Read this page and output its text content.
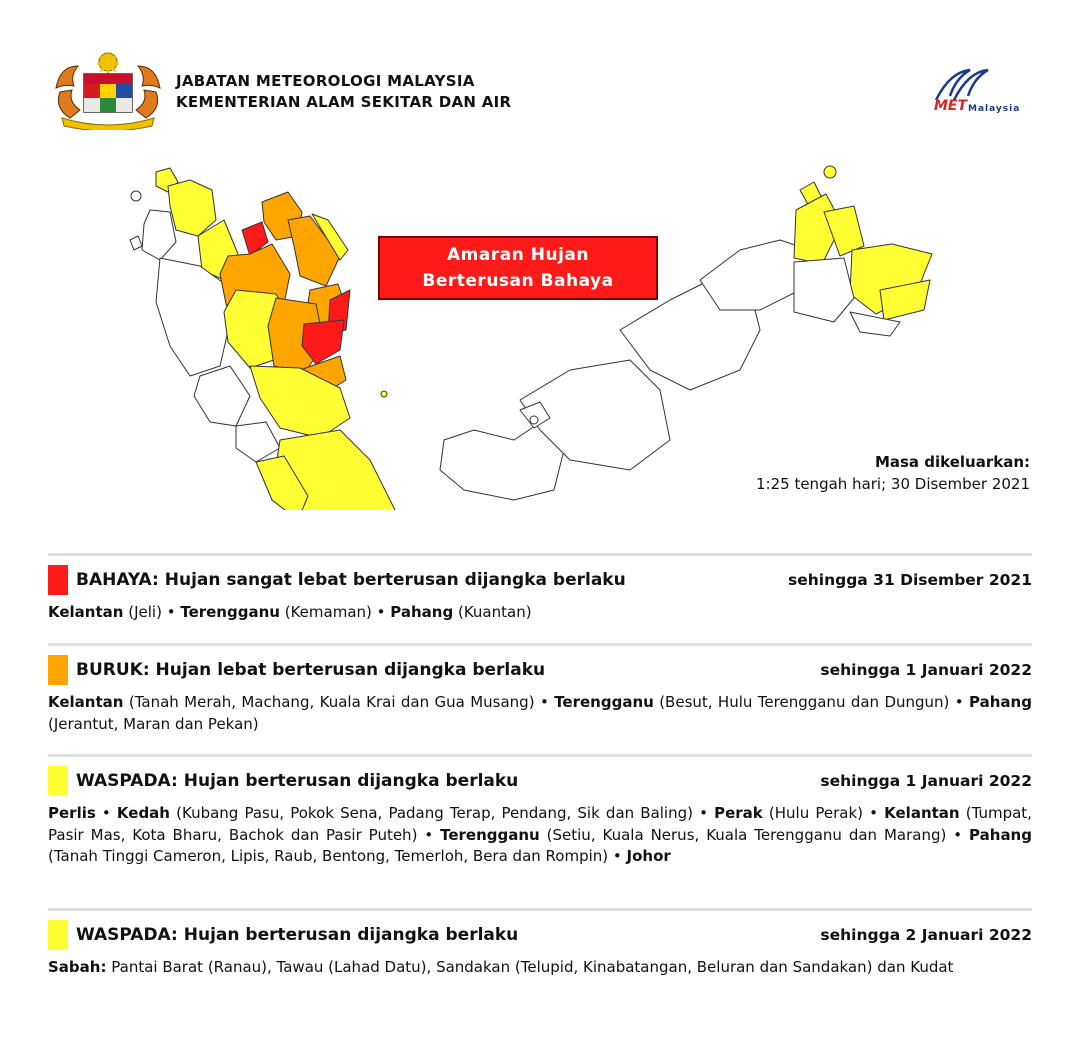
JABATAN METEOROLOGI MALAYSIA
KEMENTERIAN ALAM SEKITAR DAN AIR	MET Malaysia
Amaran Hujan
Berterusan Bahaya
Masa dikeluarkan:
1:25 tengah hari; 30 Disember 2021
BAHAYA: Hujan sangat lebat berterusan dijangka berlaku	sehingga 31 Disember 2021
Kelantan (Jeli) • Terengganu (Kemaman) • Pahang (Kuantan)
BURUK: Hujan lebat berterusan dijangka berlaku	sehingga 1 Januari 2022
Kelantan (Tanah Merah, Machang, Kuala Krai dan Gua Musang) • Terengganu (Besut, Hulu Terengganu dan Dungun) • Pahang (Jerantut, Maran dan Pekan)
WASPADA: Hujan berterusan dijangka berlaku	sehingga 1 Januari 2022
Perlis • Kedah (Kubang Pasu, Pokok Sena, Padang Terap, Pendang, Sik dan Baling) • Perak (Hulu Perak) • Kelantan (Tumpat, Pasir Mas, Kota Bharu, Bachok dan Pasir Puteh) • Terengganu (Setiu, Kuala Nerus, Kuala Terengganu dan Marang) • Pahang (Tanah Tinggi Cameron, Lipis, Raub, Bentong, Temerloh, Bera dan Rompin) • Johor
WASPADA: Hujan berterusan dijangka berlaku	sehingga 2 Januari 2022
Sabah: Pantai Barat (Ranau), Tawau (Lahad Datu), Sandakan (Telupid, Kinabatangan, Beluran dan Sandakan) dan Kudat
